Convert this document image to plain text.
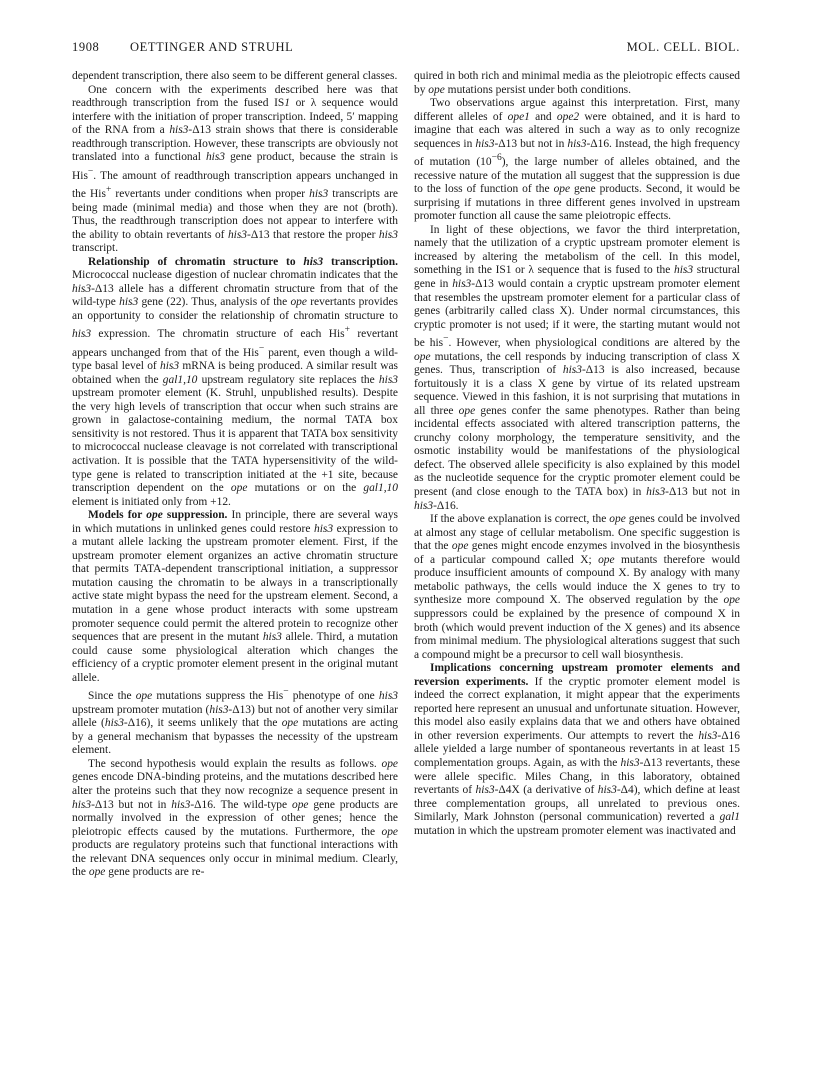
1908 OETTINGER AND STRUHL	MOL. CELL. BIOL.

dependent transcription, there also seem to be different general classes.

One concern with the experiments described here was that readthrough transcription from the fused IS1 or λ sequence would interfere with the initiation of proper transcription. Indeed, 5′ mapping of the RNA from a his3-Δ13 strain shows that there is considerable readthrough transcription. However, these transcripts are obviously not translated into a functional his3 gene product, because the strain is His−. The amount of readthrough transcription appears unchanged in the His+ revertants under conditions when proper his3 transcripts are being made (minimal media) and those when they are not (broth). Thus, the readthrough transcription does not appear to interfere with the ability to obtain revertants of his3-Δ13 that restore the proper his3 transcript.

Relationship of chromatin structure to his3 transcription. Micrococcal nuclease digestion of nuclear chromatin indicates that the his3-Δ13 allele has a different chromatin structure from that of the wild-type his3 gene (22). Thus, analysis of the ope revertants provides an opportunity to consider the relationship of chromatin structure to his3 expression. The chromatin structure of each His+ revertant appears unchanged from that of the His− parent, even though a wild-type basal level of his3 mRNA is being produced. A similar result was obtained when the gal1,10 upstream regulatory site replaces the his3 upstream promoter element (K. Struhl, unpublished results). Despite the very high levels of transcription that occur when such strains are grown in galactose-containing medium, the normal TATA box sensitivity is not restored. Thus it is apparent that TATA box sensitivity to micrococcal nuclease cleavage is not correlated with transcriptional activation. It is possible that the TATA hypersensitivity of the wild-type gene is related to transcription initiated at the +1 site, because transcription dependent on the ope mutations or on the gal1,10 element is initiated only from +12.

Models for ope suppression. In principle, there are several ways in which mutations in unlinked genes could restore his3 expression to a mutant allele lacking the upstream promoter element. First, if the upstream promoter element organizes an active chromatin structure that permits TATA-dependent transcriptional initiation, a suppressor mutation causing the chromatin to be always in a transcriptionally active state might bypass the need for the upstream element. Second, a mutation in a gene whose product interacts with some upstream promoter sequence could permit the altered protein to recognize other sequences that are present in the mutant his3 allele. Third, a mutation could cause some physiological alteration which changes the efficiency of a cryptic promoter element present in the original mutant allele.

Since the ope mutations suppress the His− phenotype of one his3 upstream promoter mutation (his3-Δ13) but not of another very similar allele (his3-Δ16), it seems unlikely that the ope mutations are acting by a general mechanism that bypasses the necessity of the upstream element.

The second hypothesis would explain the results as follows. ope genes encode DNA-binding proteins, and the mutations described here alter the proteins such that they now recognize a sequence present in his3-Δ13 but not in his3-Δ16. The wild-type ope gene products are normally involved in the expression of other genes; hence the pleiotropic effects caused by the mutations. Furthermore, the ope products are regulatory proteins such that functional interactions with the relevant DNA sequences only occur in minimal medium. Clearly, the ope gene products are re-

quired in both rich and minimal media as the pleiotropic effects caused by ope mutations persist under both conditions.

Two observations argue against this interpretation. First, many different alleles of ope1 and ope2 were obtained, and it is hard to imagine that each was altered in such a way as to only recognize sequences in his3-Δ13 but not in his3-Δ16. Instead, the high frequency of mutation $(10^{-6})$, the large number of alleles obtained, and the recessive nature of the mutation all suggest that the suppression is due to the loss of function of the ope gene products. Second, it would be surprising if mutations in three different genes involved in upstream promoter function all cause the same pleiotropic effects.

In light of these objections, we favor the third interpretation, namely that the utilization of a cryptic upstream promoter element is increased by altering the metabolism of the cell. In this model, something in the IS1 or λ sequence that is fused to the his3 structural gene in his3-Δ13 would contain a cryptic upstream promoter element that resembles the upstream promoter element for a particular class of genes (arbitrarily called class X). Under normal circumstances, this cryptic promoter is not used; if it were, the starting mutant would not be his−. However, when physiological conditions are altered by the ope mutations, the cell responds by inducing transcription of class X genes. Thus, transcription of his3-Δ13 is also increased, because fortuitously it is a class X gene by virtue of its related upstream sequence. Viewed in this fashion, it is not surprising that mutations in all three ope genes confer the same phenotypes. Rather than being incidental effects associated with altered transcription patterns, the crunchy colony morphology, the temperature sensitivity, and the osmotic instability would be manifestations of the physiological defect. The observed allele specificity is also explained by this model as the nucleotide sequence for the cryptic promoter element could be present (and close enough to the TATA box) in his3-Δ13 but not in his3-Δ16.

If the above explanation is correct, the ope genes could be involved at almost any stage of cellular metabolism. One specific suggestion is that the ope genes might encode enzymes involved in the biosynthesis of a particular compound called X; ope mutants therefore would produce insufficient amounts of compound X. By analogy with many metabolic pathways, the cells would induce the X genes to try to synthesize more compound X. The observed regulation by the ope suppressors could be explained by the presence of compound X in broth (which would prevent induction of the X genes) and its absence from minimal medium. The physiological alterations suggest that such a compound might be a precursor to cell wall biosynthesis.

Implications concerning upstream promoter elements and reversion experiments. If the cryptic promoter element model is indeed the correct explanation, it might appear that the experiments reported here represent an unusual and unfortunate situation. However, this model also easily explains data that we and others have obtained in other reversion experiments. Our attempts to revert the his3-Δ16 allele yielded a large number of spontaneous revertants in at least 15 complementation groups. Again, as with the his3-Δ13 revertants, these were allele specific. Miles Chang, in this laboratory, obtained revertants of his3-Δ4X (a derivative of his3-Δ4), which define at least three complementation groups, all unrelated to previous ones. Similarly, Mark Johnston (personal communication) reverted a gal1 mutation in which the upstream promoter element was inactivated and
